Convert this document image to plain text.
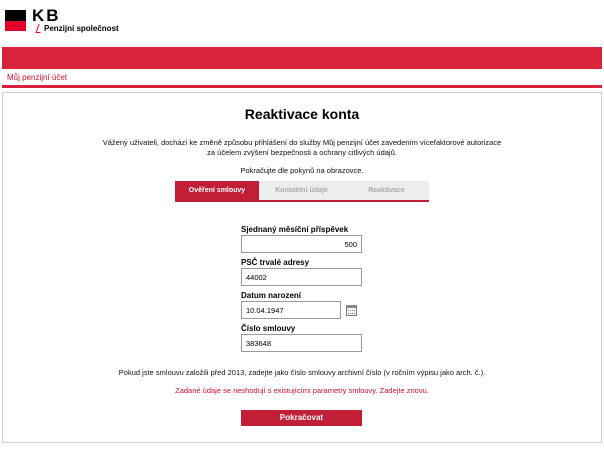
KB
Penzijní společnost
Můj penzijní účet
Reaktivace konta
Vážený uživateli, dochází ke změně způsobu přihlášení do služby Můj penzijní účet zavedením vícefaktorové autorizace
za účelem zvýšení bezpečnosti a ochrany citlivých údajů.
Pokračujte dle pokynů na obrazovce.
Ověření smlouvy	Kontaktní údaje	Reaktivace
Sjednaný měsíční příspěvek
500
PSČ trvalé adresy
44002
Datum narození
10.04.1947
Číslo smlouvy
383648
Pokud jste smlouvu založili před 2013, zadejte jako číslo smlouvy archivní číslo (v ročním výpisu jako arch. č.).
Zadané údaje se neshodují s existujícími parametry smlouvy. Zadejte znovu.
Pokračovat
